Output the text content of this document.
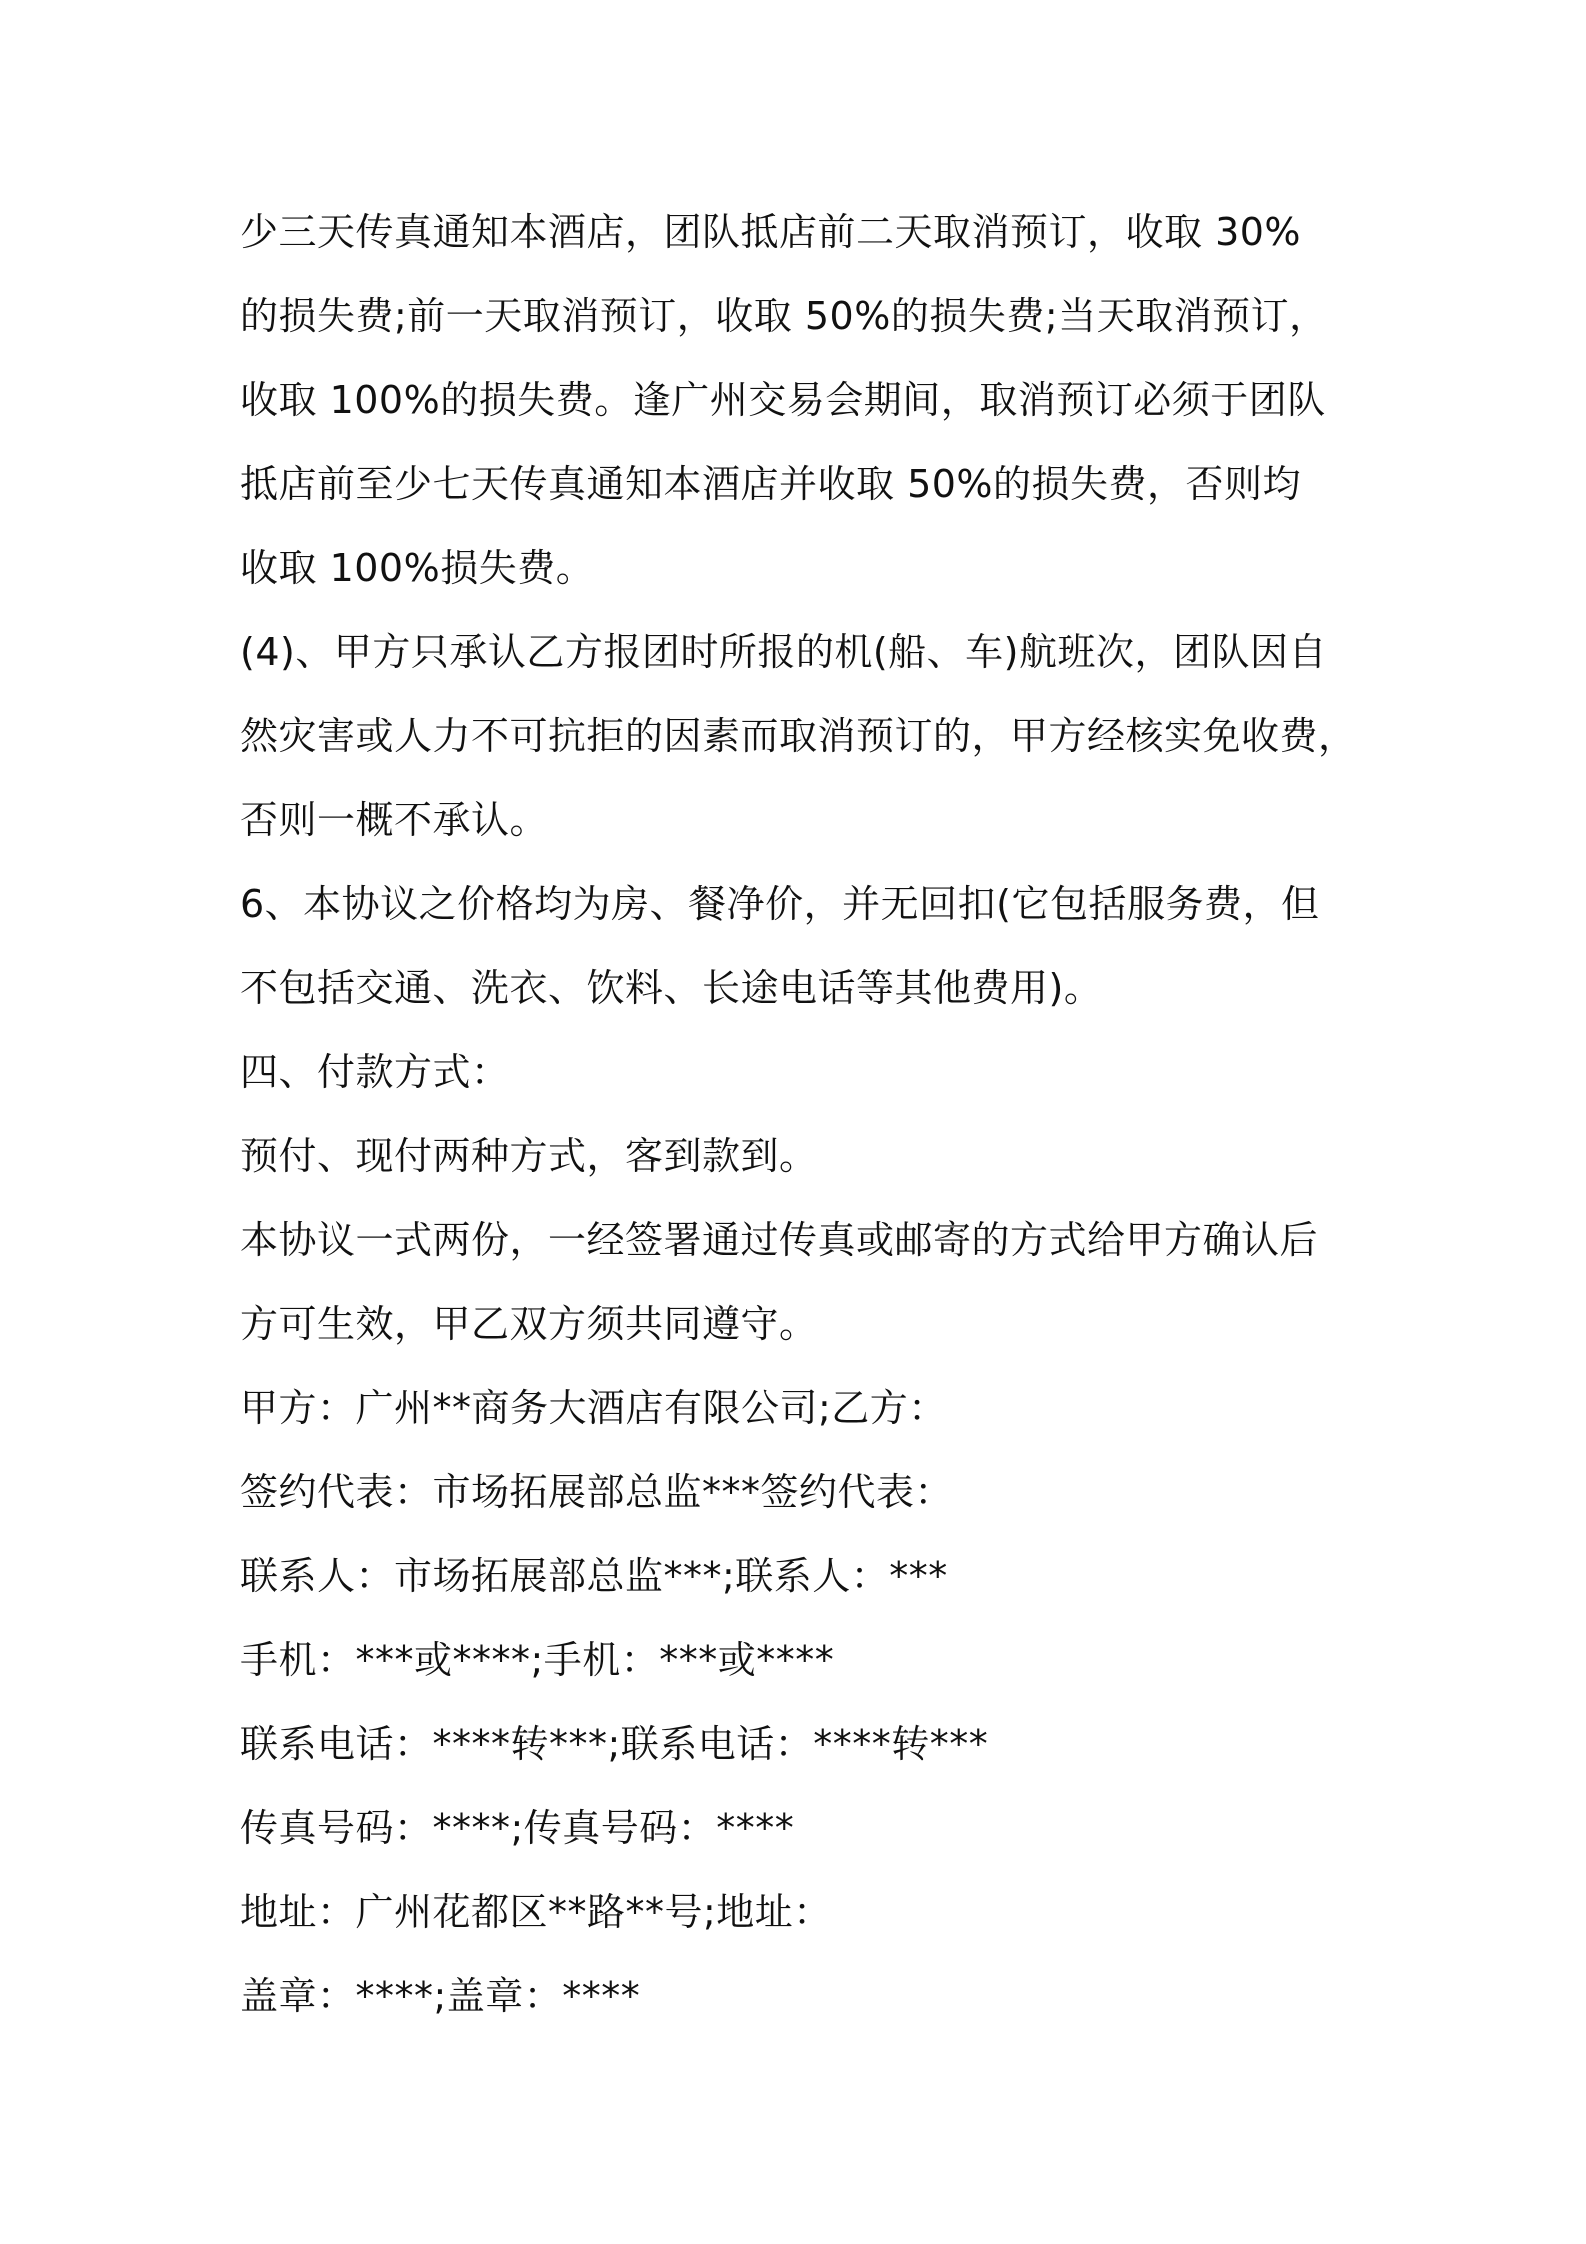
少三天传真通知本酒店，团队抵店前二天取消预订，收取 30%
的损失费;前一天取消预订，收取 50%的损失费;当天取消预订，
收取 100%的损失费。逢广州交易会期间，取消预订必须于团队
抵店前至少七天传真通知本酒店并收取 50%的损失费，否则均
收取 100%损失费。
(4)、甲方只承认乙方报团时所报的机(船、车)航班次，团队因自
然灾害或人力不可抗拒的因素而取消预订的，甲方经核实免收费，
否则一概不承认。
6、本协议之价格均为房、餐净价，并无回扣(它包括服务费，但
不包括交通、洗衣、饮料、长途电话等其他费用)。
四、付款方式：
预付、现付两种方式，客到款到。
本协议一式两份，一经签署通过传真或邮寄的方式给甲方确认后
方可生效，甲乙双方须共同遵守。
甲方：广州**商务大酒店有限公司;乙方：
签约代表：市场拓展部总监***签约代表：
联系人：市场拓展部总监***;联系人：***
手机：***或****;手机：***或****
联系电话：****转***;联系电话：****转***
传真号码：****;传真号码：****
地址：广州花都区**路**号;地址：
盖章：****;盖章：****
